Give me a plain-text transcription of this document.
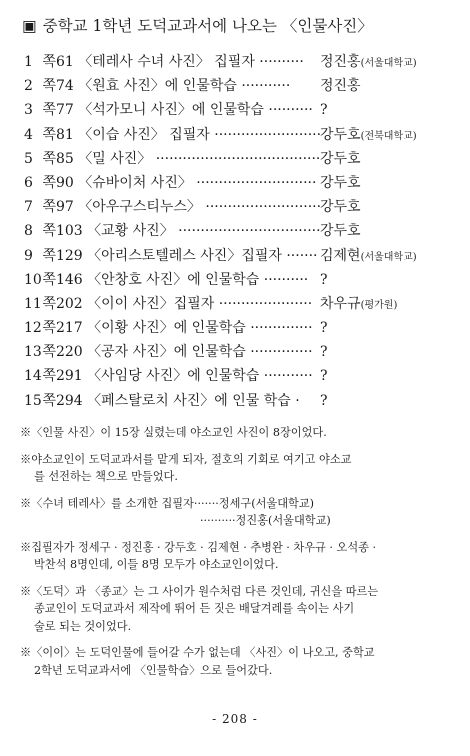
▣ 중학교 1학년 도덕교과서에 나오는 〈인물사진〉
1 쪽61 〈테레사 수녀 사진〉 집필자 ·········· 정진홍(서울대학교)
2 쪽74 〈원효 사진〉에 인물학습 ··········· 정진홍
3 쪽77 〈석가모니 사진〉에 인물학습 ·········· ?
4 쪽81 〈이습 사진〉 집필자 ························
강두호(전북대학교)
5 쪽85 〈밀 사진〉 ····································· 강두호
6 쪽90 〈슈바이처 사진〉 ··························· 강두호
7 쪽97 〈아우구스티누스〉 ··························
강두호
8 쪽103 〈교황 사진〉 ································ 강두호
9 쪽129 〈아리스토텔레스 사진〉집필자 ······· 김제현(서울대학교)
10 쪽146 〈안창호 사진〉에 인물학습 ·········· ?
11 쪽202 〈이이 사진〉집필자 ····················· 차우규(평가원)
12 쪽217 〈이황 사진〉에 인물학습 ·············· ?
13 쪽220 〈공자 사진〉에 인물학습 ·············· ?
14 쪽291 〈사임당 사진〉에 인물학습 ··········· ?
15 쪽294 〈페스탈로치 사진〉에 인물 학습 · ?
※〈인물 사진〉이 15장 실렸는데 야소교인 사진이 8장이었다.
※야소교인이 도덕교과서를 맡게 되자, 절호의 기회로 여기고 야소교
를 선전하는 책으로 만들었다.
※〈수녀 테레사〉를 소개한 집필자·······정세구(서울대학교)
··········정진홍(서울대학교)
※집필자가 정세구 · 정진홍 · 강두호 · 김제현 · 추병완 · 차우규 · 오석종 ·
박찬석 8명인데, 이들 8명 모두가 야소교인이었다.
※〈도덕〉과 〈종교〉는 그 사이가 원수처럼 다른 것인데, 귀신을 따르는
종교인이 도덕교과서 제작에 뛰어 든 짓은 배달겨레를 속이는 사기
술로 되는 것이었다.
※〈이이〉는 도덕인물에 들어갈 수가 없는데 〈사진〉이 나오고, 중학교
2학년 도덕교과서에 〈인물학습〉으로 들어갔다.
- 208 -
